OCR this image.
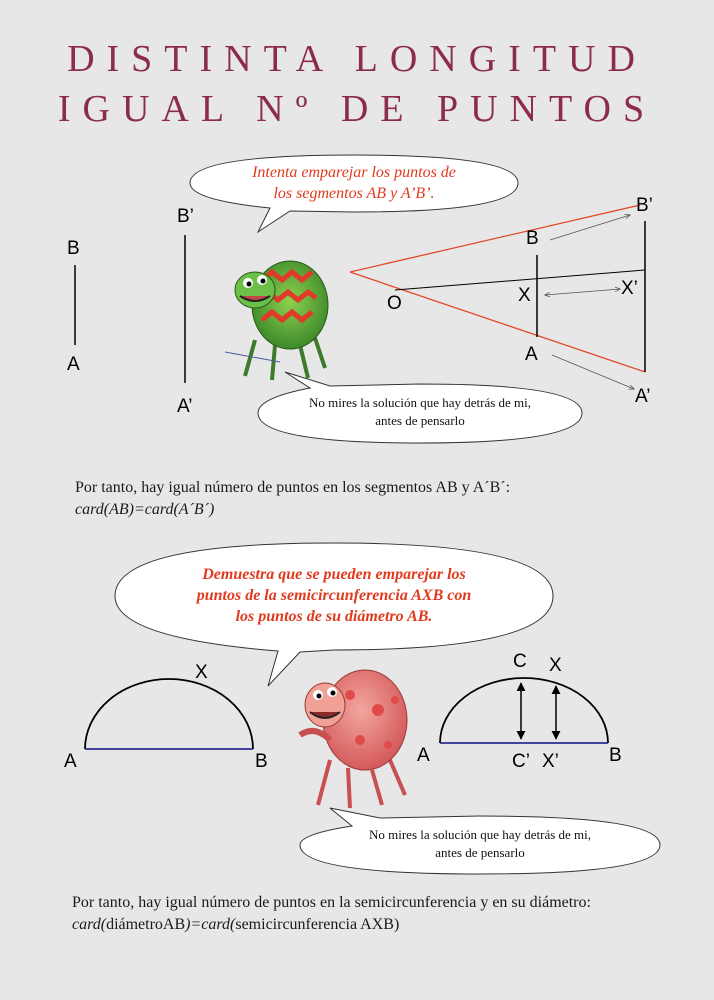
DISTINTA LONGITUD
IGUAL Nº DE PUNTOS
B
A
B’
A’
O
B
X
A
B’
X’
A’
X
A	B
C X
A	B
C’ X’
Intenta emparejar los puntos de
los segmentos AB y A’B’.
No mires la solución que hay detrás de mi,
antes de pensarlo
Demuestra que se pueden emparejar los
puntos de la semicircunferencia AXB con
los puntos de su diámetro AB.
No mires la solución que hay detrás de mi,
antes de pensarlo

Por tanto, hay igual número de puntos en los segmentos AB y A´B´:
card(AB)=card(A´B´)

Por tanto, hay igual número de puntos en la semicircunferencia y en su diámetro:
card(diámetroAB)=card(semicircunferencia AXB)
